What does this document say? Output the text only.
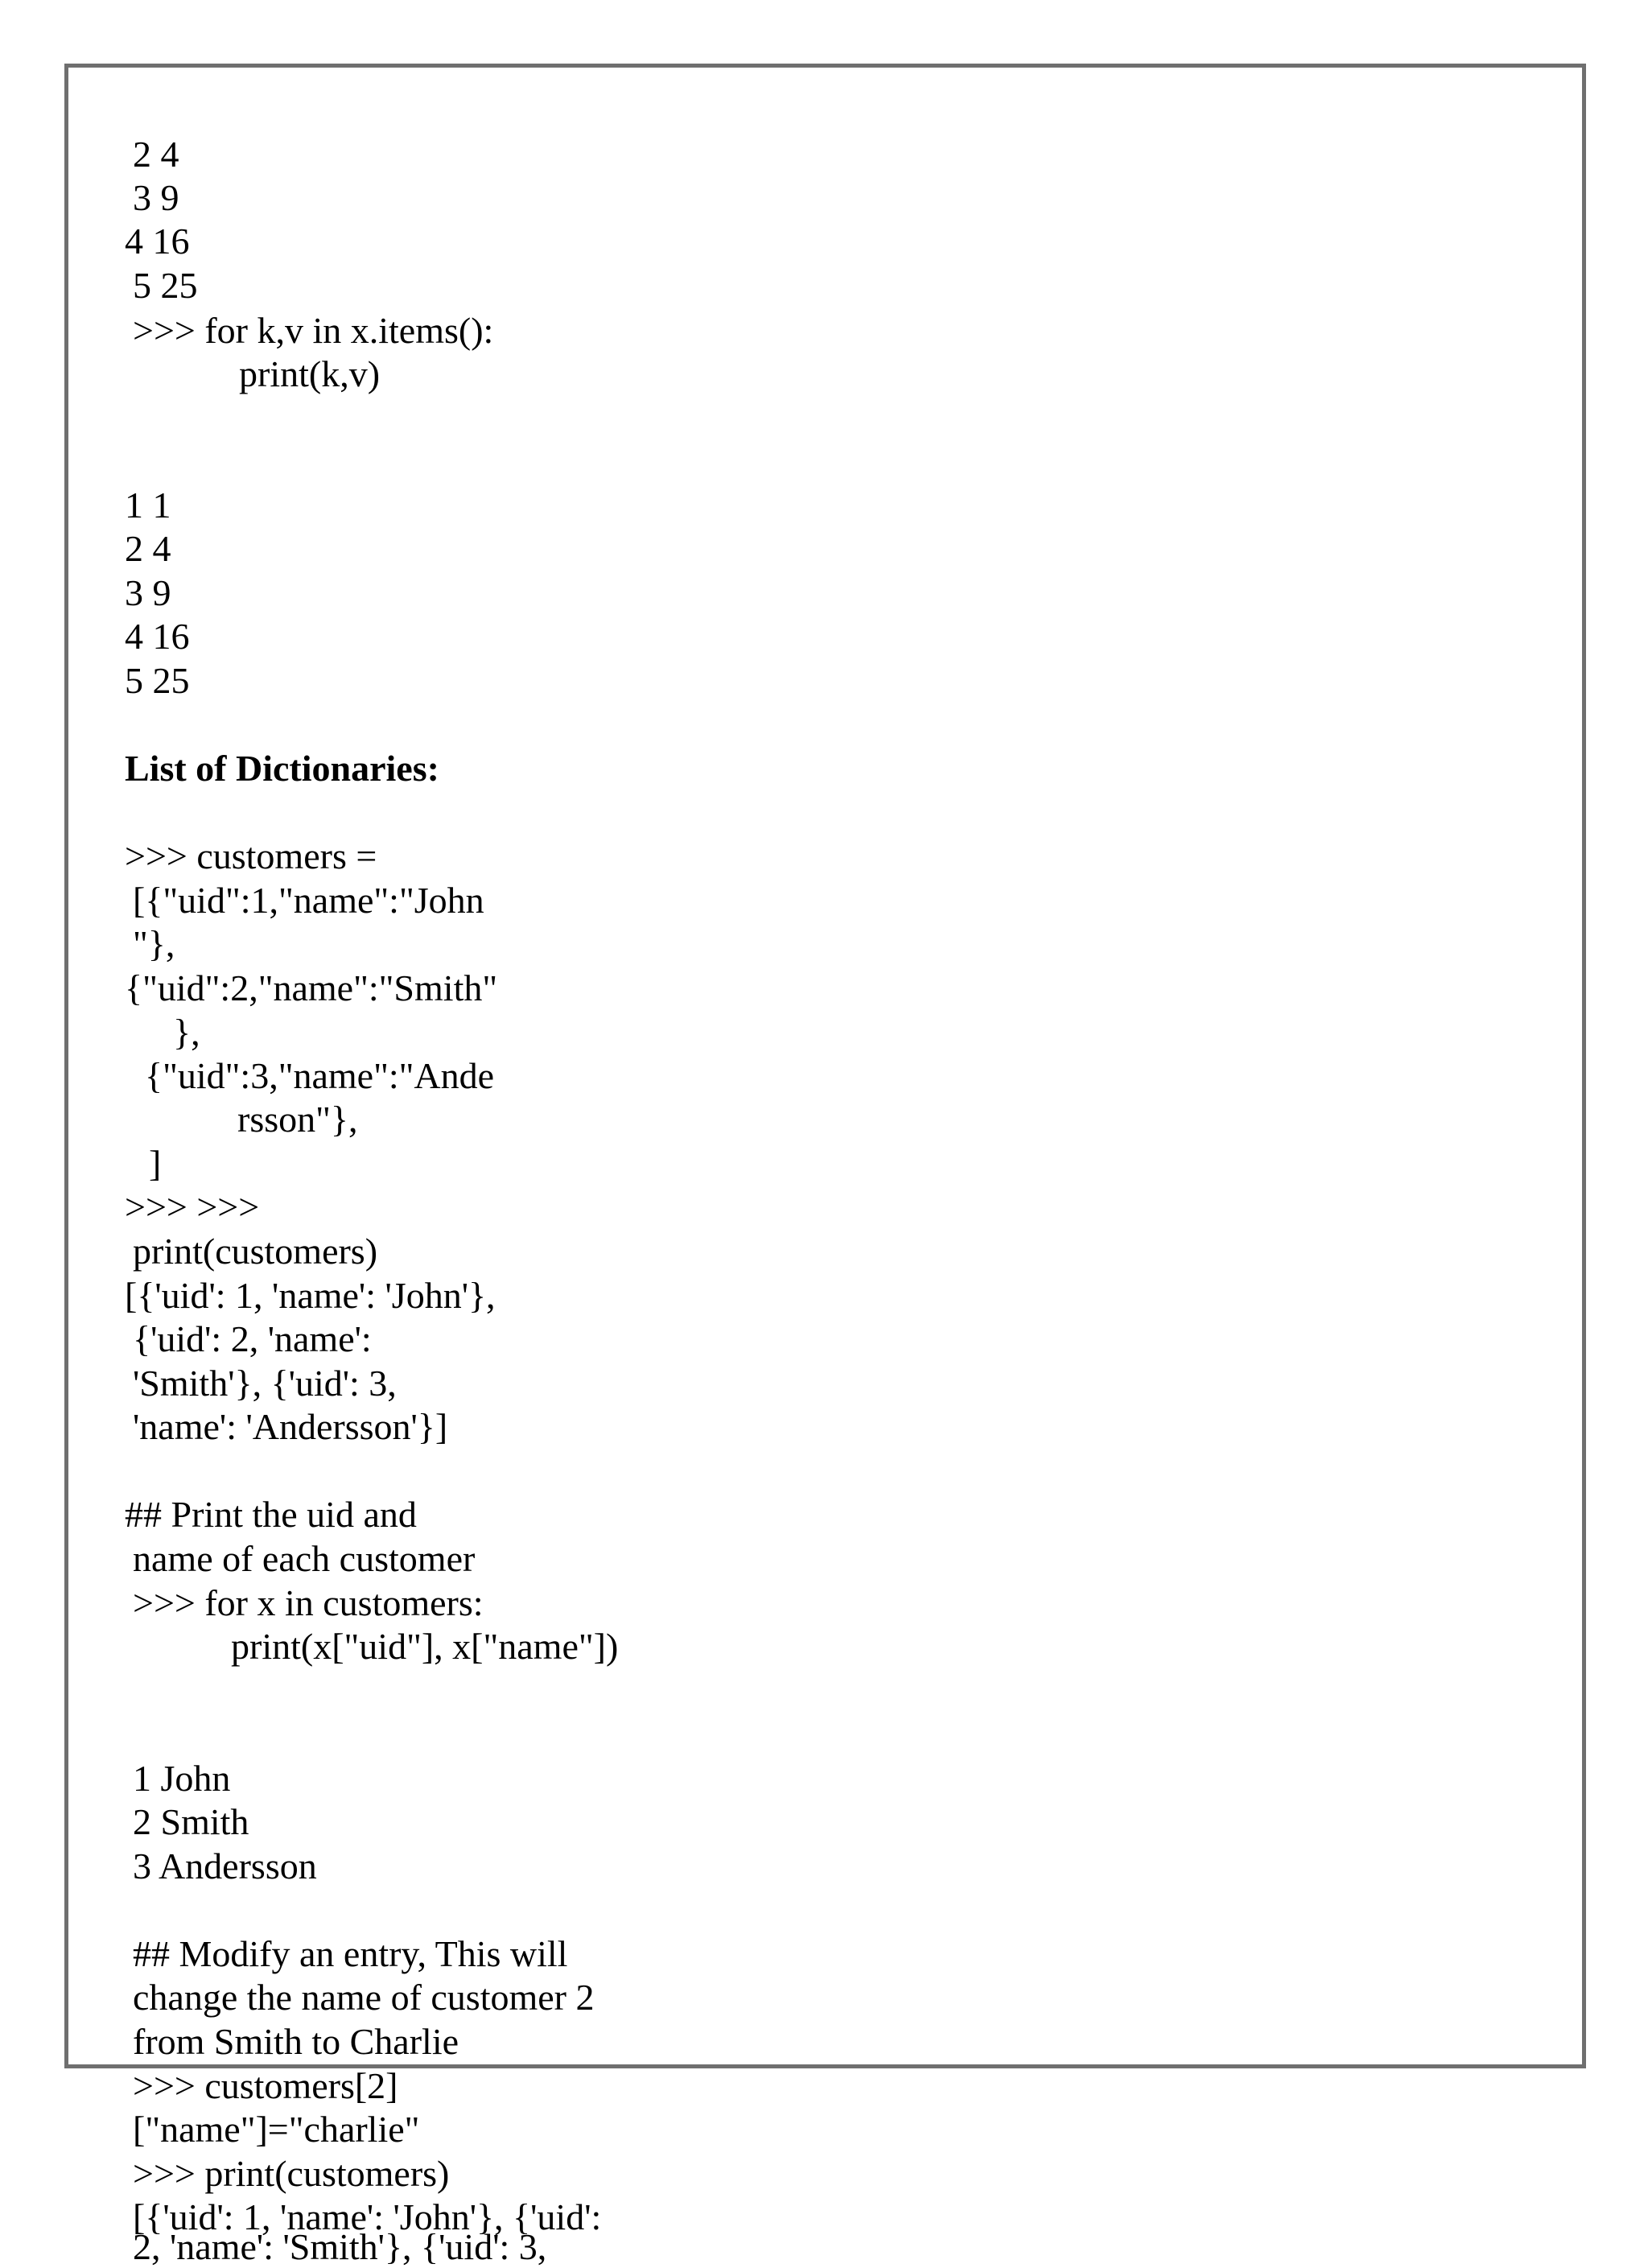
2 4

3 9

4 16

5 25

>>> for k,v in x.items():

print(k,v)

1 1

2 4

3 9

4 16

5 25

List of Dictionaries:

>>> customers =

[{"uid":1,"name":"John

"},

{"uid":2,"name":"Smith"

},

{"uid":3,"name":"Ande

rsson"},

]

>>> >>>

print(customers)

[{'uid': 1, 'name': 'John'},

{'uid': 2, 'name':

'Smith'}, {'uid': 3,

'name': 'Andersson'}]

## Print the uid and

name of each customer

>>> for x in customers:

print(x["uid"], x["name"])

1 John

2 Smith

3 Andersson

## Modify an entry, This will

change the name of customer 2

from Smith to Charlie

>>> customers[2]

["name"]="charlie"

>>> print(customers)

[{'uid': 1, 'name': 'John'}, {'uid':

2, 'name': 'Smith'}, {'uid': 3,
